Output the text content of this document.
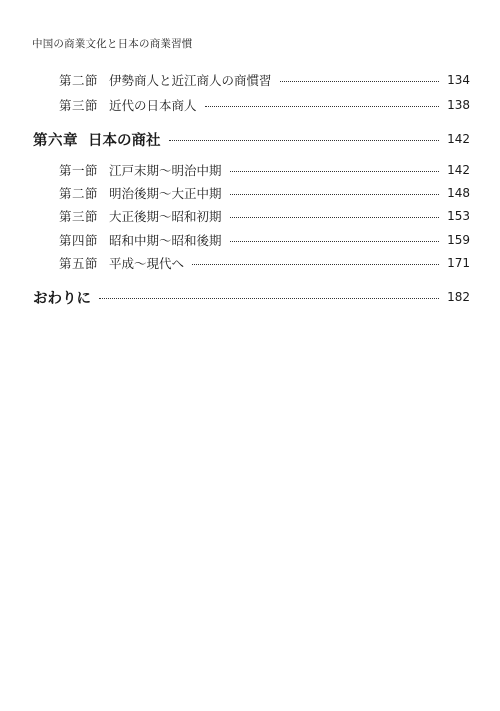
中国の商業文化と日本の商業習慣
第二節 伊勢商人と近江商人の商慣習	134
第三節 近代の日本商人	138
第六章 日本の商社	142
第一節 江戸末期～明治中期	142
第二節 明治後期～大正中期	148
第三節 大正後期～昭和初期	153
第四節 昭和中期～昭和後期	159
第五節 平成～現代へ	171
おわりに	182
